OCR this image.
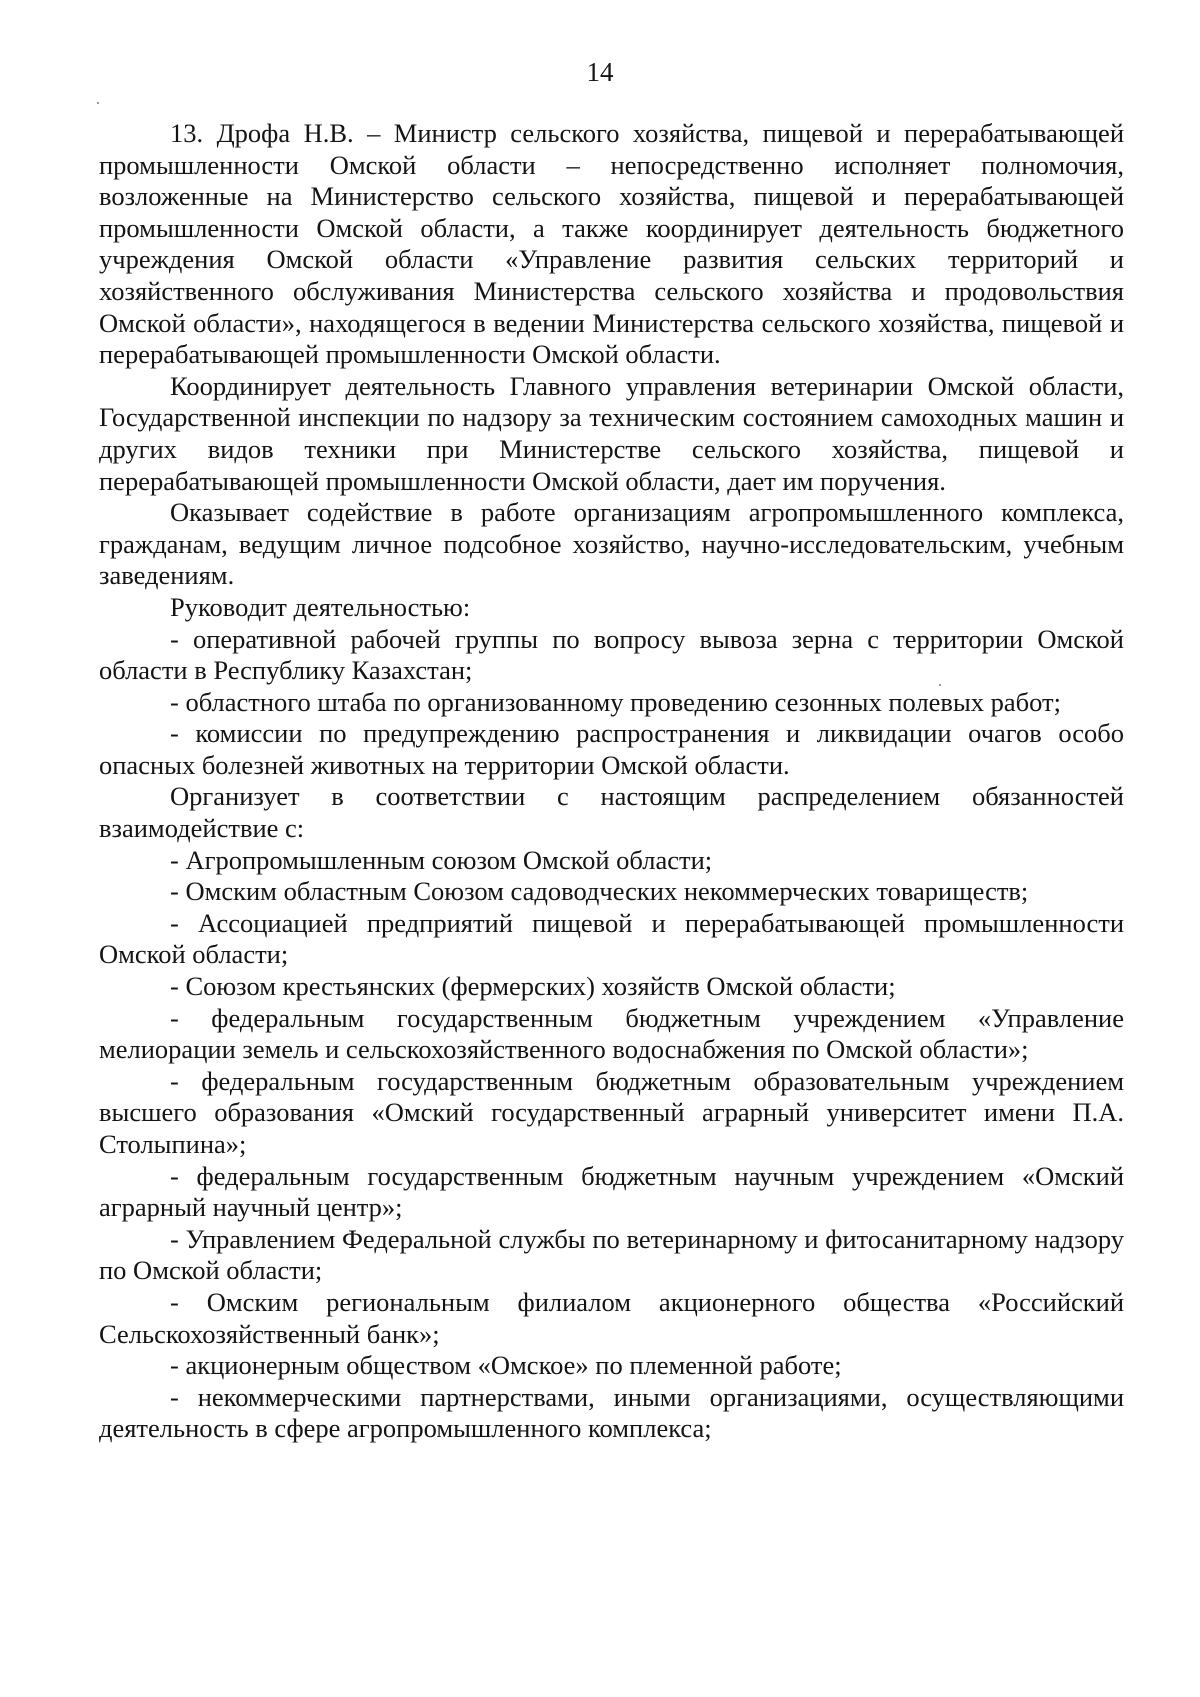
14

13. Дрофа Н.В. – Министр сельского хозяйства, пищевой и перерабатывающей промышленности Омской области – непосредственно исполняет полномочия, возложенные на Министерство сельского хозяйства, пищевой и перерабатывающей промышленности Омской области, а также координирует деятельность бюджетного учреждения Омской области «Управление развития сельских территорий и хозяйственного обслуживания Министерства сельского хозяйства и продовольствия Омской области», находящегося в ведении Министерства сельского хозяйства, пищевой и перерабатывающей промышленности Омской области.

Координирует деятельность Главного управления ветеринарии Омской области, Государственной инспекции по надзору за техническим состоянием самоходных машин и других видов техники при Министерстве сельского хозяйства, пищевой и перерабатывающей промышленности Омской области, дает им поручения.

Оказывает содействие в работе организациям агропромышленного комплекса, гражданам, ведущим личное подсобное хозяйство, научно-исследовательским, учебным заведениям.

Руководит деятельностью:

- оперативной рабочей группы по вопросу вывоза зерна с территории Омской области в Республику Казахстан;

- областного штаба по организованному проведению сезонных полевых работ;

- комиссии по предупреждению распространения и ликвидации очагов особо опасных болезней животных на территории Омской области.

Организует в соответствии с настоящим распределением обязанностей взаимодействие с:

- Агропромышленным союзом Омской области;

- Омским областным Союзом садоводческих некоммерческих товариществ;

- Ассоциацией предприятий пищевой и перерабатывающей промышленности Омской области;

- Союзом крестьянских (фермерских) хозяйств Омской области;

- федеральным государственным бюджетным учреждением «Управление мелиорации земель и сельскохозяйственного водоснабжения по Омской области»;

- федеральным государственным бюджетным образовательным учреждением высшего образования «Омский государственный аграрный университет имени П.А. Столыпина»;

- федеральным государственным бюджетным научным учреждением «Омский аграрный научный центр»;

- Управлением Федеральной службы по ветеринарному и фитосанитарному надзору по Омской области;

- Омским региональным филиалом акционерного общества «Российский Сельскохозяйственный банк»;

- акционерным обществом «Омское» по племенной работе;

- некоммерческими партнерствами, иными организациями, осуществляющими деятельность в сфере агропромышленного комплекса;
